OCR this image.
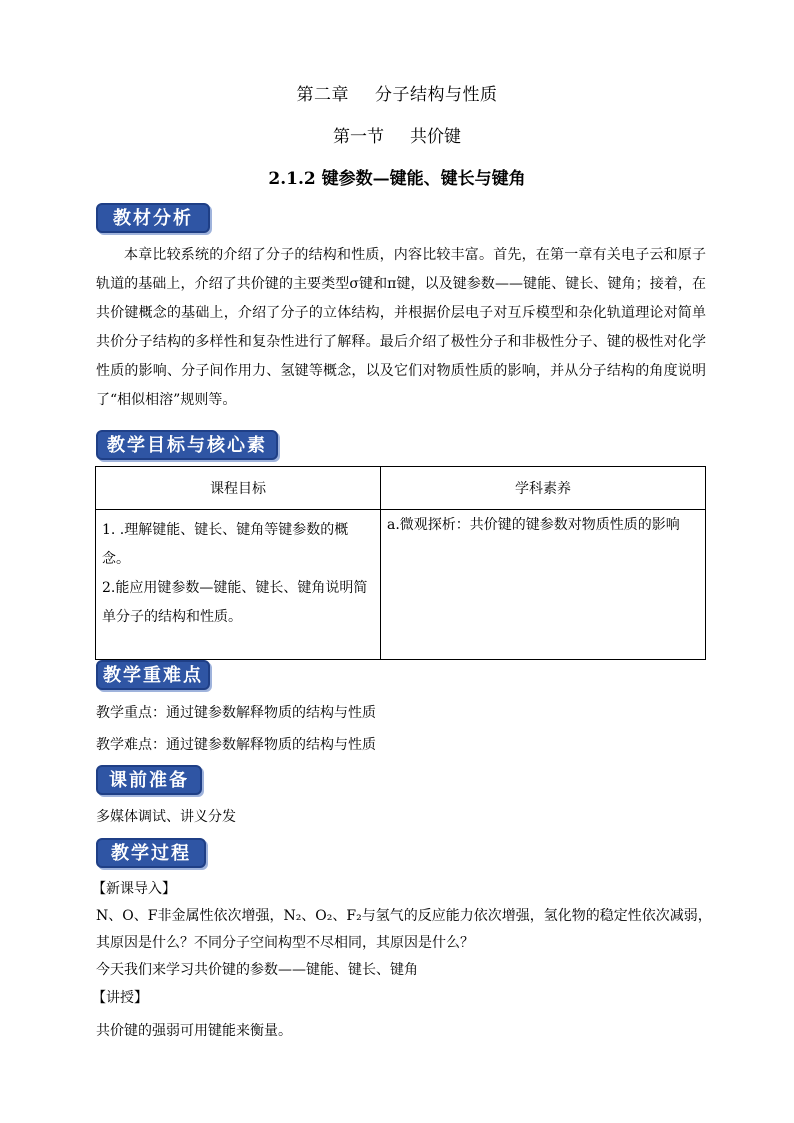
第二章 分子结构与性质
第一节 共价键
2.1.2 键参数—键能、键长与键角
教材分析
本章比较系统的介绍了分子的结构和性质，内容比较丰富。首先，在第一章有关电子云和原子轨道的基础上，介绍了共价键的主要类型σ键和π键，以及键参数——键能、键长、键角；接着，在共价键概念的基础上，介绍了分子的立体结构，并根据价层电子对互斥模型和杂化轨道理论对简单共价分子结构的多样性和复杂性进行了解释。最后介绍了极性分子和非极性分子、键的极性对化学性质的影响、分子间作用力、氢键等概念，以及它们对物质性质的影响，并从分子结构的角度说明了“相似相溶”规则等。
教学目标与核心素养
课程目标	学科素养

1. .理解键能、键长、键角等键参数的概念。
2.能应用键参数—键能、键长、键角说明简单分子的结构和性质。	a.微观探析：共价键的键参数对物质性质的影响
教学重难点
教学重点：通过键参数解释物质的结构与性质
教学难点：通过键参数解释物质的结构与性质
课前准备
多媒体调试、讲义分发
教学过程
【新课导入】
N、O、F非金属性依次增强，N₂、O₂、F₂与氢气的反应能力依次增强，氢化物的稳定性依次减弱，
其原因是什么？不同分子空间构型不尽相同，其原因是什么？
今天我们来学习共价键的参数——键能、键长、键角
【讲授】
共价键的强弱可用键能来衡量。
